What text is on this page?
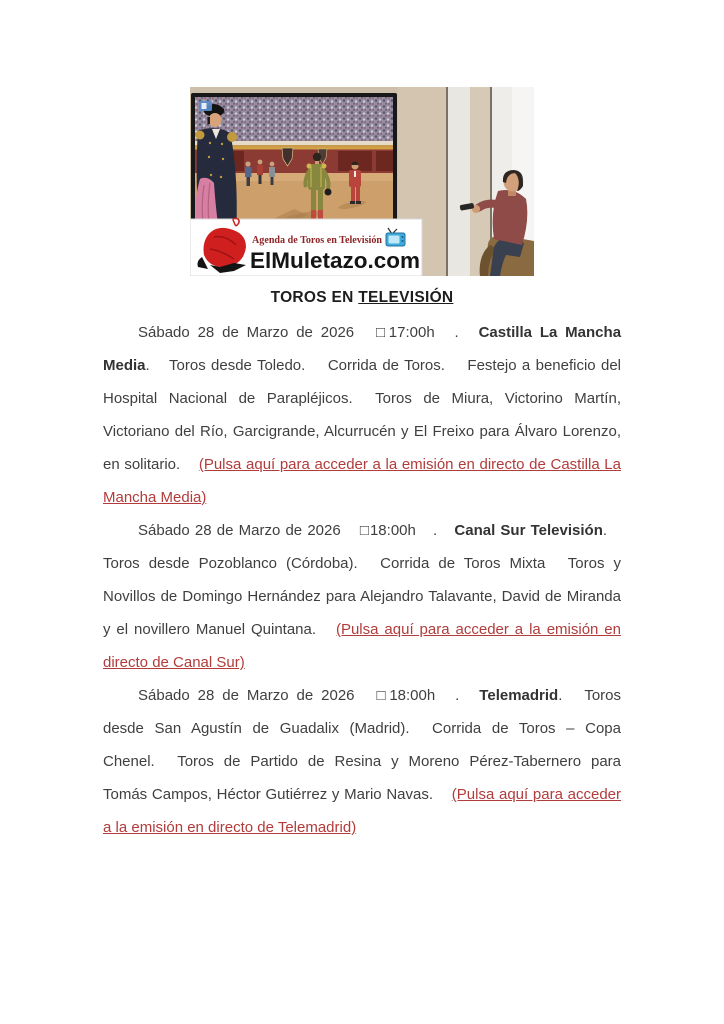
Agenda de Toros en Televisión
ElMuletazo.com
TOROS EN TELEVISIÓN

Sábado 28 de Marzo de 2026 □17:00h . Castilla La Mancha Media. Toros desde Toledo.   Corrida de Toros.   Festejo a beneficio del Hospital Nacional de Parapléjicos.   Toros de Miura, Victorino Martín, Victoriano del Río, Garcigrande, Alcurrucén y El Freixo para Álvaro Lorenzo, en solitario. (Pulsa aquí para acceder a la emisión en directo de Castilla La Mancha Media)

Sábado 28 de Marzo de 2026 □18:00h . Canal Sur Televisión. Toros desde Pozoblanco (Córdoba).   Corrida de Toros Mixta   Toros y Novillos de Domingo Hernández para Alejandro Talavante, David de Miranda y el novillero Manuel Quintana. (Pulsa aquí para acceder a la emisión en directo de Canal Sur)

Sábado 28 de Marzo de 2026 □18:00h . Telemadrid. Toros desde San Agustín de Guadalix (Madrid).   Corrida de Toros – Copa Chenel.   Toros de Partido de Resina y Moreno Pérez-Tabernero para Tomás Campos, Héctor Gutiérrez y Mario Navas. (Pulsa aquí para acceder a la emisión en directo de Telemadrid)
